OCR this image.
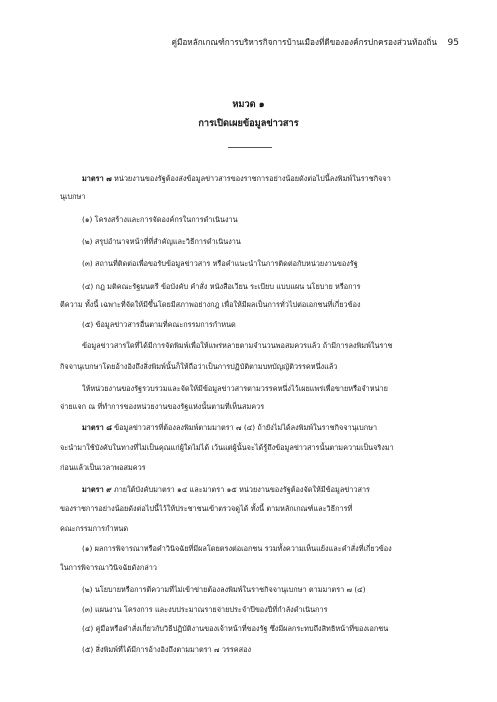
คู่มือหลักเกณฑ์การบริหารกิจการบ้านเมืองที่ดีขององค์กรปกครองส่วนท้องถิ่น 95
หมวด ๑
การเปิดเผยข้อมูลข่าวสาร
มาตรา ๗ หน่วยงานของรัฐต้องส่งข้อมูลข่าวสารของราชการอย่างน้อยดังต่อไปนี้ลงพิมพ์ในราชกิจจา
นุเบกษา
(๑) โครงสร้างและการจัดองค์กรในการดำเนินงาน
(๒) สรุปอำนาจหน้าที่ที่สำคัญและวิธีการดำเนินงาน
(๓) สถานที่ติดต่อเพื่อขอรับข้อมูลข่าวสาร หรือคำแนะนำในการติดต่อกับหน่วยงานของรัฐ
(๔) กฎ มติคณะรัฐมนตรี ข้อบังคับ คำสั่ง หนังสือเวียน ระเบียบ แบบแผน นโยบาย หรือการ
ตีความ ทั้งนี้ เฉพาะที่จัดให้มีขึ้นโดยมีสภาพอย่างกฎ เพื่อให้มีผลเป็นการทั่วไปต่อเอกชนที่เกี่ยวข้อง
(๕) ข้อมูลข่าวสารอื่นตามที่คณะกรรมการกำหนด
ข้อมูลข่าวสารใดที่ได้มีการจัดพิมพ์เพื่อให้แพร่หลายตามจำนวนพอสมควรแล้ว ถ้ามีการลงพิมพ์ในราช
กิจจานุเบกษาโดยอ้างอิงถึงสิ่งพิมพ์นั้นก็ให้ถือว่าเป็นการปฏิบัติตามบทบัญญัติวรรคหนึ่งแล้ว
ให้หน่วยงานของรัฐรวบรวมและจัดให้มีข้อมูลข่าวสารตามวรรคหนึ่งไว้เผยแพร่เพื่อขายหรือจำหน่าย
จ่ายแจก ณ ที่ทำการของหน่วยงานของรัฐแห่งนั้นตามที่เห็นสมควร
มาตรา ๘ ข้อมูลข่าวสารที่ต้องลงพิมพ์ตามมาตรา ๗ (๔) ถ้ายังไม่ได้ลงพิมพ์ในราชกิจจานุเบกษา
จะนำมาใช้บังคับในทางที่ไม่เป็นคุณแก่ผู้ใดไม่ได้ เว้นแต่ผู้นั้นจะได้รู้ถึงข้อมูลข่าวสารนั้นตามความเป็นจริงมา
ก่อนแล้วเป็นเวลาพอสมควร
มาตรา ๙ ภายใต้บังคับมาตรา ๑๔ และมาตรา ๑๕ หน่วยงานของรัฐต้องจัดให้มีข้อมูลข่าวสาร
ของราชการอย่างน้อยดังต่อไปนี้ไว้ให้ประชาชนเข้าตรวจดูได้ ทั้งนี้ ตามหลักเกณฑ์และวิธีการที่
คณะกรรมการกำหนด
(๑) ผลการพิจารณาหรือคำวินิจฉัยที่มีผลโดยตรงต่อเอกชน รวมทั้งความเห็นแย้งและคำสั่งที่เกี่ยวข้อง
ในการพิจารณาวินิจฉัยดังกล่าว
(๒) นโยบายหรือการตีความที่ไม่เข้าข่ายต้องลงพิมพ์ในราชกิจจานุเบกษา ตามมาตรา ๗ (๔)
(๓) แผนงาน โครงการ และงบประมาณรายจ่ายประจำปีของปีที่กำลังดำเนินการ
(๔) คู่มือหรือคำสั่งเกี่ยวกับวิธีปฏิบัติงานของเจ้าหน้าที่ของรัฐ ซึ่งมีผลกระทบถึงสิทธิหน้าที่ของเอกชน
(๕) สิ่งพิมพ์ที่ได้มีการอ้างอิงถึงตามมาตรา ๗ วรรคสอง
